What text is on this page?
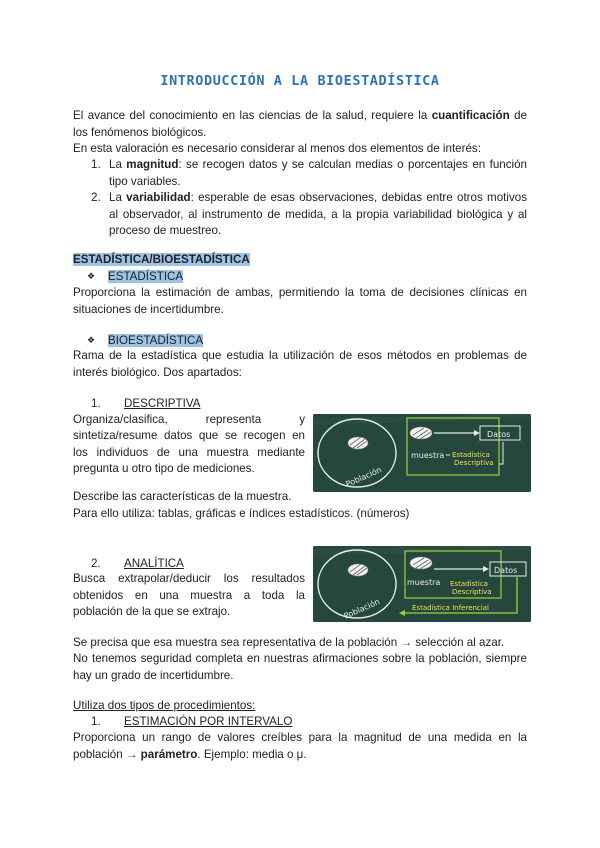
INTRODUCCIÓN A LA BIOESTADÍSTICA
El avance del conocimiento en las ciencias de la salud, requiere la cuantificación de los fenómenos biológicos.
En esta valoración es necesario considerar al menos dos elementos de interés:
1. La magnitud: se recogen datos y se calculan medias o porcentajes en función tipo variables.
2. La variabilidad: esperable de esas observaciones, debidas entre otros motivos al observador, al instrumento de medida, a la propia variabilidad biológica y al proceso de muestreo.
ESTADÍSTICA/BIOESTADÍSTICA
❖ ESTADÍSTICA
Proporciona la estimación de ambas, permitiendo la toma de decisiones clínicas en situaciones de incertidumbre.
❖ BIOESTADÍSTICA
Rama de la estadística que estudia la utilización de esos métodos en problemas de interés biológico. Dos apartados:
1. DESCRIPTIVA
Organiza/clasifica, representa y
sintetiza/resume datos que se recogen en los individuos de una muestra mediante pregunta u otro tipo de mediciones.	Población
Datos
muestra Estadística
Descriptiva
Describe las características de la muestra.
Para ello utiliza: tablas, gráficas e índices estadísticos. (números)
2. ANALÍTICA
Busca extrapolar/deducir los resultados obtenidos en una muestra a toda la población de la que se extrajo.	Población
Datos
muestra Estadística
Descriptiva
Estadística Inferencial
Se precisa que esa muestra sea representativa de la población → selección al azar.
No tenemos seguridad completa en nuestras afirmaciones sobre la población, siempre hay un grado de incertidumbre.
Utiliza dos tipos de procedimientos:
1. ESTIMACIÓN POR INTERVALO
Proporciona un rango de valores creíbles para la magnitud de una medida en la población → parámetro. Ejemplo: media o μ.
